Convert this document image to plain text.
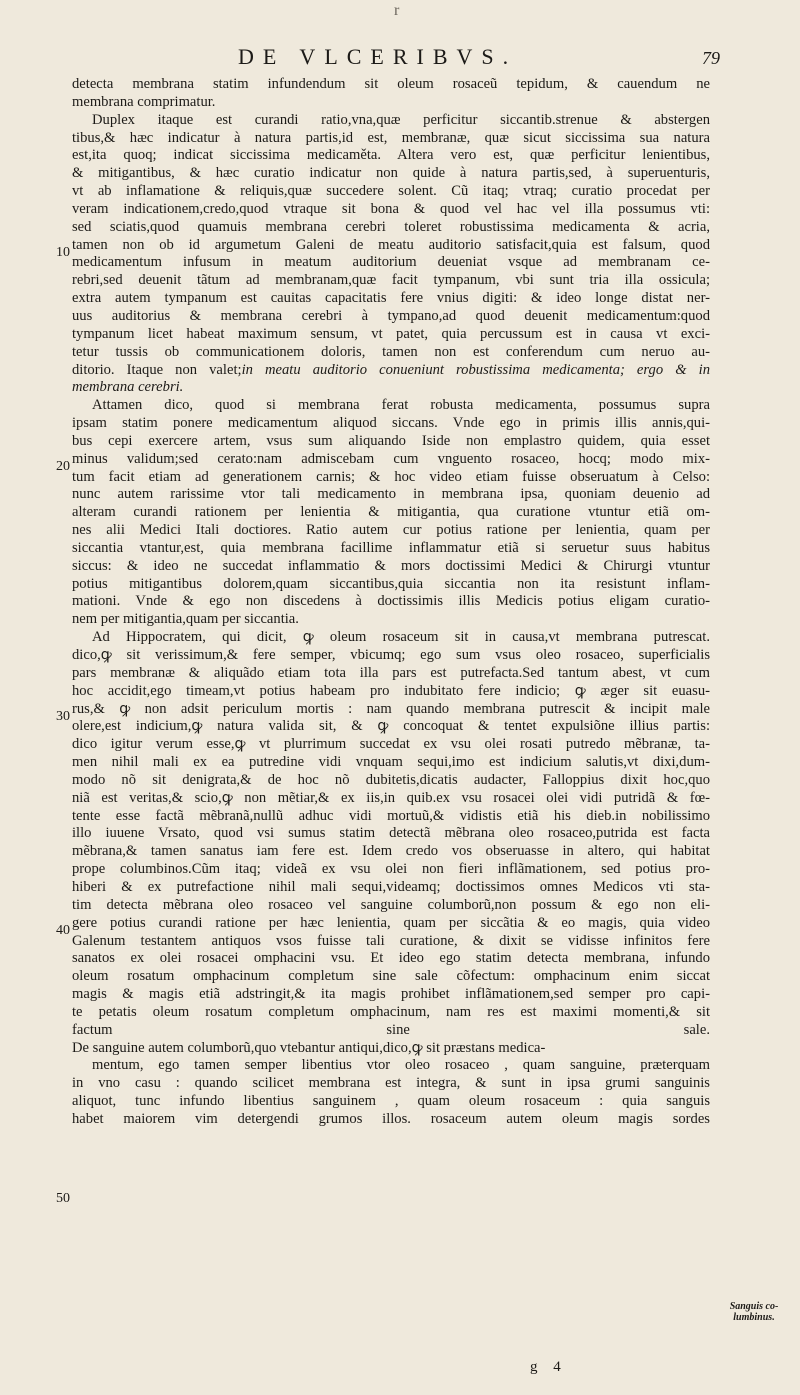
r
DE VLCERIBVS.	79
10
20
30
40
50
detecta membrana statim infundendum sit oleum rosaceũ tepidum, & cauendum ne
membrana comprimatur.
Duplex itaque est curandi ratio,vna,quæ perficitur siccantib.strenue & abstergen
tibus,& hæc indicatur à natura partis,id est, membranæ, quæ sicut siccissima sua natura
est,ita quoq; indicat siccissima medicaměta. Altera vero est, quæ perficitur lenientibus,
& mitigantibus, & hæc curatio indicatur non quide à natura partis,sed, à superuenturis,
vt ab inflamatione & reliquis,quæ succedere solent. Cũ itaq; vtraq; curatio procedat per
veram indicationem,credo,quod vtraque sit bona & quod vel hac vel illa possumus vti:
sed sciatis,quod quamuis membrana cerebri toleret robustissima medicamenta & acria,
tamen non ob id argumetum Galeni de meatu auditorio satisfacit,quia est falsum, quod
medicamentum infusum in meatum auditorium deueniat vsque ad membranam ce-
rebri,sed deuenit tãtum ad membranam,quæ facit tympanum, vbi sunt tria illa ossicula;
extra autem tympanum est cauitas capacitatis fere vnius digiti: & ideo longe distat ner-
uus auditorius & membrana cerebri à tympano,ad quod deuenit medicamentum:quod
tympanum licet habeat maximum sensum, vt patet, quia percussum est in causa vt exci-
tetur tussis ob communicationem doloris, tamen non est conferendum cum neruo au-
ditorio. Itaque non valet;in meatu auditorio conueniunt robustissima medicamenta; ergo & in
membrana cerebri.
Attamen dico, quod si membrana ferat robusta medicamenta, possumus supra
ipsam statim ponere medicamentum aliquod siccans. Vnde ego in primis illis annis,qui-
bus cepi exercere artem, vsus sum aliquando Iside non emplastro quidem, quia esset
minus validum;sed cerato:nam admiscebam cum vnguento rosaceo, hocq; modo mix-
tum facit etiam ad generationem carnis; & hoc video etiam fuisse obseruatum à Celso:
nunc autem rarissime vtor tali medicamento in membrana ipsa, quoniam deuenio ad
alteram curandi rationem per lenientia & mitigantia, qua curatione vtuntur etiã om-
nes alii Medici Itali doctiores. Ratio autem cur potius ratione per lenientia, quam per
siccantia vtantur,est, quia membrana facillime inflammatur etiã si seruetur suus habitus
siccus: & ideo ne succedat inflammatio & mors doctissimi Medici & Chirurgi vtuntur
potius mitigantibus dolorem,quam siccantibus,quia siccantia non ita resistunt inflam-
mationi. Vnde & ego non discedens à doctissimis illis Medicis potius eligam curatio-
nem per mitigantia,quam per siccantia.
Ad Hippocratem, qui dicit, ꝙ oleum rosaceum sit in causa,vt membrana putrescat.
dico,ꝙ sit verissimum,& fere semper, vbicumq; ego sum vsus oleo rosaceo, superficialis
pars membranæ & aliquãdo etiam tota illa pars est putrefacta.Sed tantum abest, vt cum
hoc accidit,ego timeam,vt potius habeam pro indubitato fere indicio; ꝙ æger sit euasu-
rus,& ꝙ non adsit periculum mortis : nam quando membrana putrescit & incipit male
olere,est indicium,ꝙ natura valida sit, & ꝙ concoquat & tentet expulsiõne illius partis:
dico igitur verum esse,ꝙ vt plurrimum succedat ex vsu olei rosati putredo mẽbranæ, ta-
men nihil mali ex ea putredine vidi vnquam sequi,imo est indicium salutis,vt dixi,dum-
modo nõ sit denigrata,& de hoc nõ dubitetis,dicatis audacter, Falloppius dixit hoc,quo
niã est veritas,& scio,ꝙ non mẽtiar,& ex iis,in quib.ex vsu rosacei olei vidi putridã & fœ-
tente esse factã mẽbranã,nullũ adhuc vidi mortuũ,& vidistis etiã his dieb.in nobilissimo
illo iuuene Vrsato, quod vsi sumus statim detectã mẽbrana oleo rosaceo,putrida est facta
mẽbrana,& tamen sanatus iam fere est. Idem credo vos obseruasse in altero, qui habitat
prope columbinos.Cũm itaq; videã ex vsu olei non fieri inflãmationem, sed potius pro-
hiberi & ex putrefactione nihil mali sequi,videamq; doctissimos omnes Medicos vti sta-
tim detecta mẽbrana oleo rosaceo vel sanguine columborũ,non possum & ego non eli-
gere potius curandi ratione per hæc lenientia, quam per siccãtia & eo magis, quia video
Galenum testantem antiquos vsos fuisse tali curatione, & dixit se vidisse infinitos fere
sanatos ex olei rosacei omphacini vsu. Et ideo ego statim detecta membrana, infundo
oleum rosatum omphacinum completum sine sale cõfectum: omphacinum enim siccat
magis & magis etiã adstringit,& ita magis prohibet inflãmationem,sed semper pro capi-
te petatis oleum rosatum completum omphacinum, nam res est maximi momenti,& sit
factum sine sale.
De sanguine autem columborũ,quo vtebantur antiqui,dico,ꝙ sit præstans medica-
mentum, ego tamen semper libentius vtor oleo rosaceo , quam sanguine, præterquam
in vno casu : quando scilicet membrana est integra, & sunt in ipsa grumi sanguinis
aliquot, tunc infundo libentius sanguinem , quam oleum rosaceum : quia sanguis
habet maiorem vim detergendi grumos illos. rosaceum autem oleum magis sordes
Sanguis co-lumbinus.
g 4
